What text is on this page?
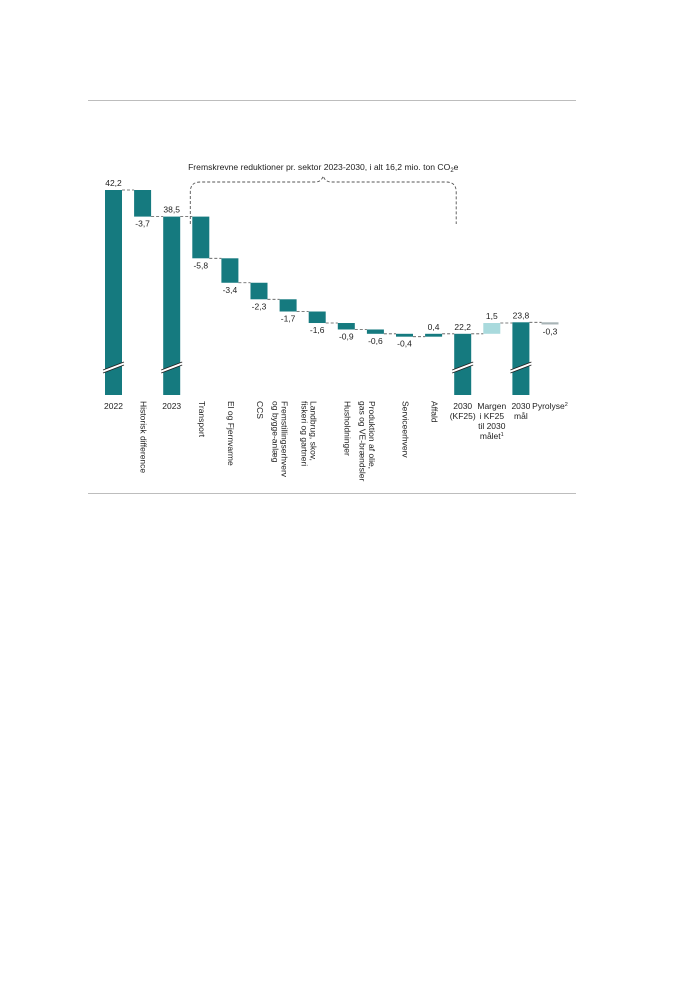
Fremskrevne reduktioner pr. sektor 2023-2030, i alt 16,2 mio. ton $CO_2e$
42,2
-3,7
38,5
-5,8
-3,4
-2,3
-1,7
-1,6
-0,9 -0,6 -0,4
0,4 22,2
1,5 23,8
-0,3
2022 Historisk difference 2023 Transport El og Fjernvarme CCS	Fremstillingserhvervog bygge-anlæg	Landbrug, skov,fiskeri og gartneri	Husholdninger	Produktion af olie,gas og VE-brændsler	Serviceerhverv Affald	2030 (KF25)
Margen i KF25 til 2030 målet$^1$
2030 mål
Pyrolyse$^2$
